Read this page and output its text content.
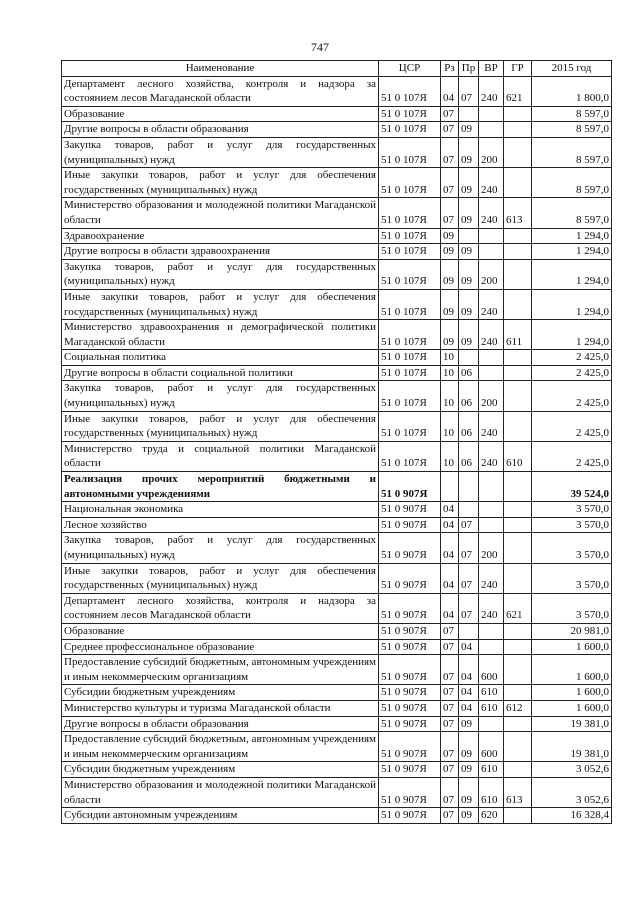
747
Наименование	ЦСР	Рз	Пр	ВР	ГР	2015 год
Департамент лесного хозяйства, контроля и надзора за состоянием лесов Магаданской области	51 0 107Я	04	07	240	621	1 800,0
Образование	51 0 107Я	07				8 597,0
Другие вопросы в области образования	51 0 107Я	07	09			8 597,0
Закупка товаров, работ и услуг для государственных (муниципальных) нужд	51 0 107Я	07	09	200		8 597,0
Иные закупки товаров, работ и услуг для обеспечения государственных (муниципальных) нужд	51 0 107Я	07	09	240		8 597,0
Министерство образования и молодежной политики Магаданской области	51 0 107Я	07	09	240	613	8 597,0
Здравоохранение	51 0 107Я	09				1 294,0
Другие вопросы в области здравоохранения	51 0 107Я	09	09			1 294,0
Закупка товаров, работ и услуг для государственных (муниципальных) нужд	51 0 107Я	09	09	200		1 294,0
Иные закупки товаров, работ и услуг для обеспечения государственных (муниципальных) нужд	51 0 107Я	09	09	240		1 294,0
Министерство здравоохранения и демографической политики Магаданской области	51 0 107Я	09	09	240	611	1 294,0
Социальная политика	51 0 107Я	10				2 425,0
Другие вопросы в области социальной политики	51 0 107Я	10	06			2 425,0
Закупка товаров, работ и услуг для государственных (муниципальных) нужд	51 0 107Я	10	06	200		2 425,0
Иные закупки товаров, работ и услуг для обеспечения государственных (муниципальных) нужд	51 0 107Я	10	06	240		2 425,0
Министерство труда и социальной политики Магаданской области	51 0 107Я	10	06	240	610	2 425,0
Реализация прочих мероприятий бюджетными и автономными учреждениями	51 0 907Я					39 524,0
Национальная экономика	51 0 907Я	04				3 570,0
Лесное хозяйство	51 0 907Я	04	07			3 570,0
Закупка товаров, работ и услуг для государственных (муниципальных) нужд	51 0 907Я	04	07	200		3 570,0
Иные закупки товаров, работ и услуг для обеспечения государственных (муниципальных) нужд	51 0 907Я	04	07	240		3 570,0
Департамент лесного хозяйства, контроля и надзора за состоянием лесов Магаданской области	51 0 907Я	04	07	240	621	3 570,0
Образование	51 0 907Я	07				20 981,0
Среднее профессиональное образование	51 0 907Я	07	04			1 600,0
Предоставление субсидий бюджетным, автономным учреждениям и иным некоммерческим организациям	51 0 907Я	07	04	600		1 600,0
Субсидии бюджетным учреждениям	51 0 907Я	07	04	610		1 600,0
Министерство культуры и туризма Магаданской области	51 0 907Я	07	04	610	612	1 600,0
Другие вопросы в области образования	51 0 907Я	07	09			19 381,0
Предоставление субсидий бюджетным, автономным учреждениям и иным некоммерческим организациям	51 0 907Я	07	09	600		19 381,0
Субсидии бюджетным учреждениям	51 0 907Я	07	09	610		3 052,6
Министерство образования и молодежной политики Магаданской области	51 0 907Я	07	09	610	613	3 052,6
Субсидии автономным учреждениям	51 0 907Я	07	09	620		16 328,4
